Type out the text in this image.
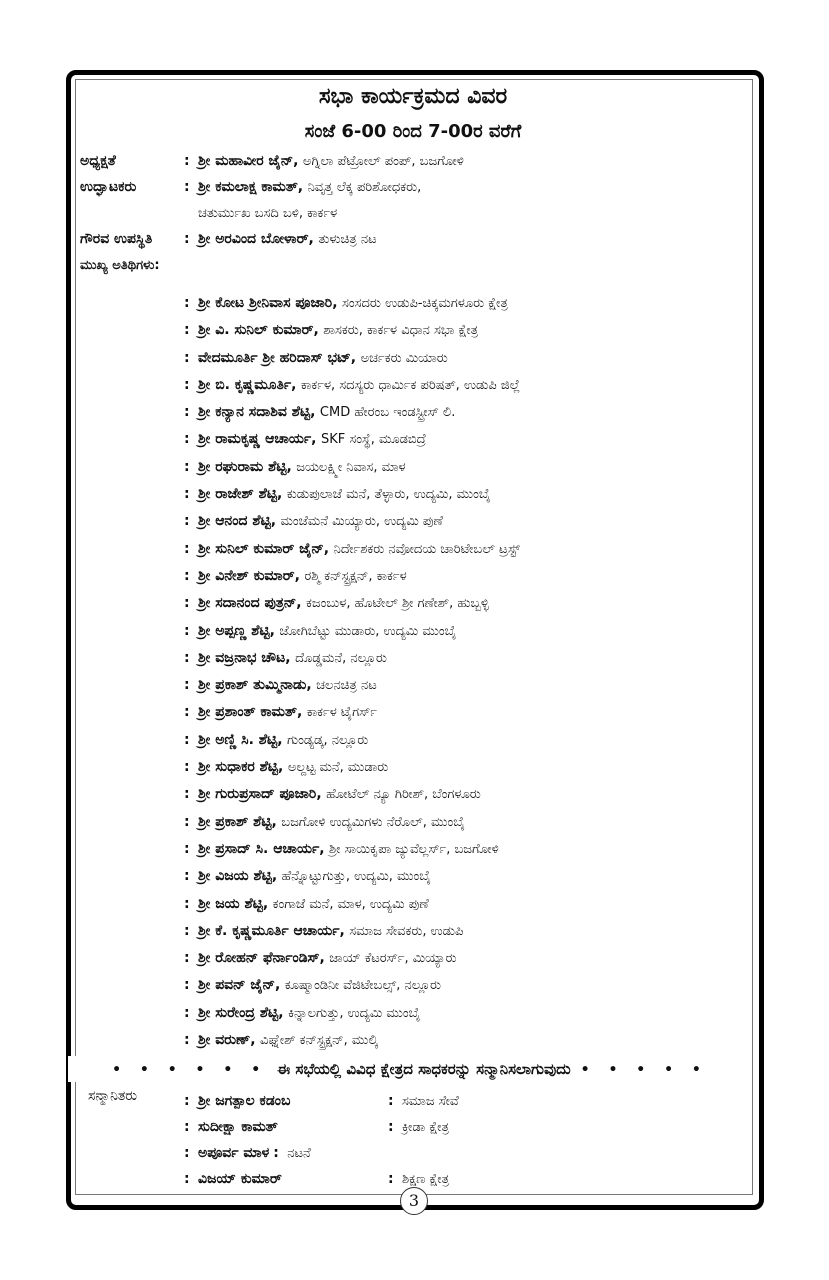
ಸಭಾ ಕಾರ್ಯಕ್ರಮದ ವಿವರ
ಸಂಜೆ 6-00 ರಿಂದ 7-00ರ ವರೆಗೆ
ಅಧ್ಯಕ್ಷತೆ	: ಶ್ರೀ ಮಹಾವೀರ ಜೈನ್, ಅಗ್ನಿಲಾ ಪೆಟ್ರೋಲ್ ಪಂಪ್, ಬಜಗೋಳಿ
ಉದ್ಘಾಟಕರು	: ಶ್ರೀ ಕಮಲಾಕ್ಷ ಕಾಮತ್, ನಿವೃತ್ತ ಲೆಕ್ಕ ಪರಿಶೋಧಕರು,
ಚತುರ್ಮುಖ ಬಸದಿ ಬಳಿ, ಕಾರ್ಕಳ
ಗೌರವ ಉಪಸ್ಥಿತಿ : ಶ್ರೀ ಅರವಿಂದ ಬೋಳಾರ್, ತುಳುಚಿತ್ರ ನಟ
ಮುಖ್ಯ ಅತಿಥಿಗಳು:
: ಶ್ರೀ ಕೋಟ ಶ್ರೀನಿವಾಸ ಪೂಜಾರಿ, ಸಂಸದರು ಉಡುಪಿ-ಚಿಕ್ಕಮಗಳೂರು ಕ್ಷೇತ್ರ
: ಶ್ರೀ ವಿ. ಸುನಿಲ್ ಕುಮಾರ್, ಶಾಸಕರು, ಕಾರ್ಕಳ ವಿಧಾನ ಸಭಾ ಕ್ಷೇತ್ರ
: ವೇದಮೂರ್ತಿ ಶ್ರೀ ಹರಿದಾಸ್ ಭಟ್, ಅರ್ಚಕರು ಮಿಯಾರು
: ಶ್ರೀ ಬಿ. ಕೃಷ್ಣಮೂರ್ತಿ, ಕಾರ್ಕಳ, ಸದಸ್ಯರು ಧಾರ್ಮಿಕ ಪರಿಷತ್, ಉಡುಪಿ ಜಿಲ್ಲೆ
: ಶ್ರೀ ಕನ್ಯಾನ ಸದಾಶಿವ ಶೆಟ್ಟಿ, CMD ಹೇರಂಬ ಇಂಡಸ್ಟ್ರೀಸ್ ಲಿ.
: ಶ್ರೀ ರಾಮಕೃಷ್ಣ ಆಚಾರ್ಯ, SKF ಸಂಸ್ಥೆ, ಮೂಡಬಿದ್ರೆ
: ಶ್ರೀ ರಘುರಾಮ ಶೆಟ್ಟಿ, ಜಯಲಕ್ಷ್ಮೀ ನಿವಾಸ, ಮಾಳ
: ಶ್ರೀ ರಾಜೇಶ್ ಶೆಟ್ಟಿ, ಕುಡುಪುಲಾಜೆ ಮನೆ, ತೆಳ್ಳಾರು, ಉದ್ಯಮಿ, ಮುಂಬೈ
: ಶ್ರೀ ಆನಂದ ಶೆಟ್ಟಿ, ಮಂಜೆಮನೆ ಮಿಯ್ಯಾರು, ಉದ್ಯಮಿ ಪುಣೆ
: ಶ್ರೀ ಸುನಿಲ್ ಕುಮಾರ್ ಜೈನ್, ನಿರ್ದೇಶಕರು ನವೋದಯ ಚಾರಿಟೇಬಲ್ ಟ್ರಸ್ಟ್
: ಶ್ರೀ ವಿನೇಶ್ ಕುಮಾರ್, ರಶ್ಮಿ ಕನ್‌ಸ್ಟ್ರಕ್ಷನ್, ಕಾರ್ಕಳ
: ಶ್ರೀ ಸದಾನಂದ ಪುತ್ರನ್, ಕಜಂಬುಳ, ಹೊಟೇಲ್ ಶ್ರೀ ಗಣೇಶ್, ಹುಬ್ಬಳ್ಳಿ
: ಶ್ರೀ ಅಪ್ಪಣ್ಣ ಶೆಟ್ಟಿ, ಜೋಗಿಬೆಟ್ಟು ಮುಡಾರು, ಉದ್ಯಮಿ ಮುಂಬೈ
: ಶ್ರೀ ವಜ್ರನಾಭ ಚೌಟ, ದೊಡ್ಡಮನೆ, ನಲ್ಲೂರು
: ಶ್ರೀ ಪ್ರಕಾಶ್ ತುಮ್ಮಿನಾಡು, ಚಲನಚಿತ್ರ ನಟ
: ಶ್ರೀ ಪ್ರಶಾಂತ್ ಕಾಮತ್, ಕಾರ್ಕಳ ಟೈಗರ್ಸ್
: ಶ್ರೀ ಅಣ್ಣಿ ಸಿ. ಶೆಟ್ಟಿ, ಗುಂಡ್ಯಡ್ಕ, ನಲ್ಲೂರು
: ಶ್ರೀ ಸುಧಾಕರ ಶೆಟ್ಟಿ, ಅಲ್ದಟ್ಟ ಮನೆ, ಮುಡಾರು
: ಶ್ರೀ ಗುರುಪ್ರಸಾದ್ ಪೂಜಾರಿ, ಹೋಟೆಲ್ ನ್ಯೂ ಗಿರೀಶ್, ಬೆಂಗಳೂರು
: ಶ್ರೀ ಪ್ರಕಾಶ್ ಶೆಟ್ಟಿ, ಬಜಗೋಳಿ ಉದ್ಯಮಿಗಳು ನೆರೊಲ್, ಮುಂಬೈ
: ಶ್ರೀ ಪ್ರಸಾದ್ ಸಿ. ಆಚಾರ್ಯ, ಶ್ರೀ ಸಾಯಿಕೃಪಾ ಜ್ಯುವೆಲ್ಲರ್ಸ್, ಬಜಗೋಳಿ
: ಶ್ರೀ ವಿಜಯ ಶೆಟ್ಟಿ, ಹೆನ್ನೊಟ್ಟುಗುತ್ತು, ಉದ್ಯಮಿ, ಮುಂಬೈ
: ಶ್ರೀ ಜಯ ಶೆಟ್ಟಿ, ಕಂಗಾಜೆ ಮನೆ, ಮಾಳ, ಉದ್ಯಮಿ ಪುಣೆ
: ಶ್ರೀ ಕೆ. ಕೃಷ್ಣಮೂರ್ತಿ ಆಚಾರ್ಯ, ಸಮಾಜ ಸೇವಕರು, ಉಡುಪಿ
: ಶ್ರೀ ರೋಹನ್ ಫೆರ್ನಾಂಡಿಸ್, ಜಾಯ್ ಕೆಟರರ್ಸ್, ಮಿಯ್ಯಾರು
: ಶ್ರೀ ಪವನ್ ಜೈನ್, ಕೂಷ್ಮಾಂಡಿನೀ ವೆಜಿಟೇಬಲ್ಸ್, ನಲ್ಲೂರು
: ಶ್ರೀ ಸುರೇಂದ್ರ ಶೆಟ್ಟಿ, ಕಿನ್ನಾಲಗುತ್ತು, ಉದ್ಯಮಿ ಮುಂಬೈ
: ಶ್ರೀ ವರುಣ್, ವಿಘ್ನೇಶ್ ಕನ್‌ಸ್ಟ್ರಕ್ಷನ್, ಮುಲ್ಕಿ
• • • • • • ಈ ಸಭೆಯಲ್ಲಿ ವಿವಿಧ ಕ್ಷೇತ್ರದ ಸಾಧಕರನ್ನು ಸನ್ಮಾನಿಸಲಾಗುವುದು • • • • •
ಸನ್ಮಾನಿತರು	: ಶ್ರೀ ಜಗತ್ಪಾಲ ಕಡಂಬ	: ಸಮಾಜ ಸೇವೆ
: ಸುದೀಕ್ಷಾ ಕಾಮತ್	: ಕ್ರೀಡಾ ಕ್ಷೇತ್ರ
: ಅಪೂರ್ವ ಮಾಳ : ನಟನೆ
: ವಿಜಯ್ ಕುಮಾರ್	: ಶಿಕ್ಷಣ ಕ್ಷೇತ್ರ
3
